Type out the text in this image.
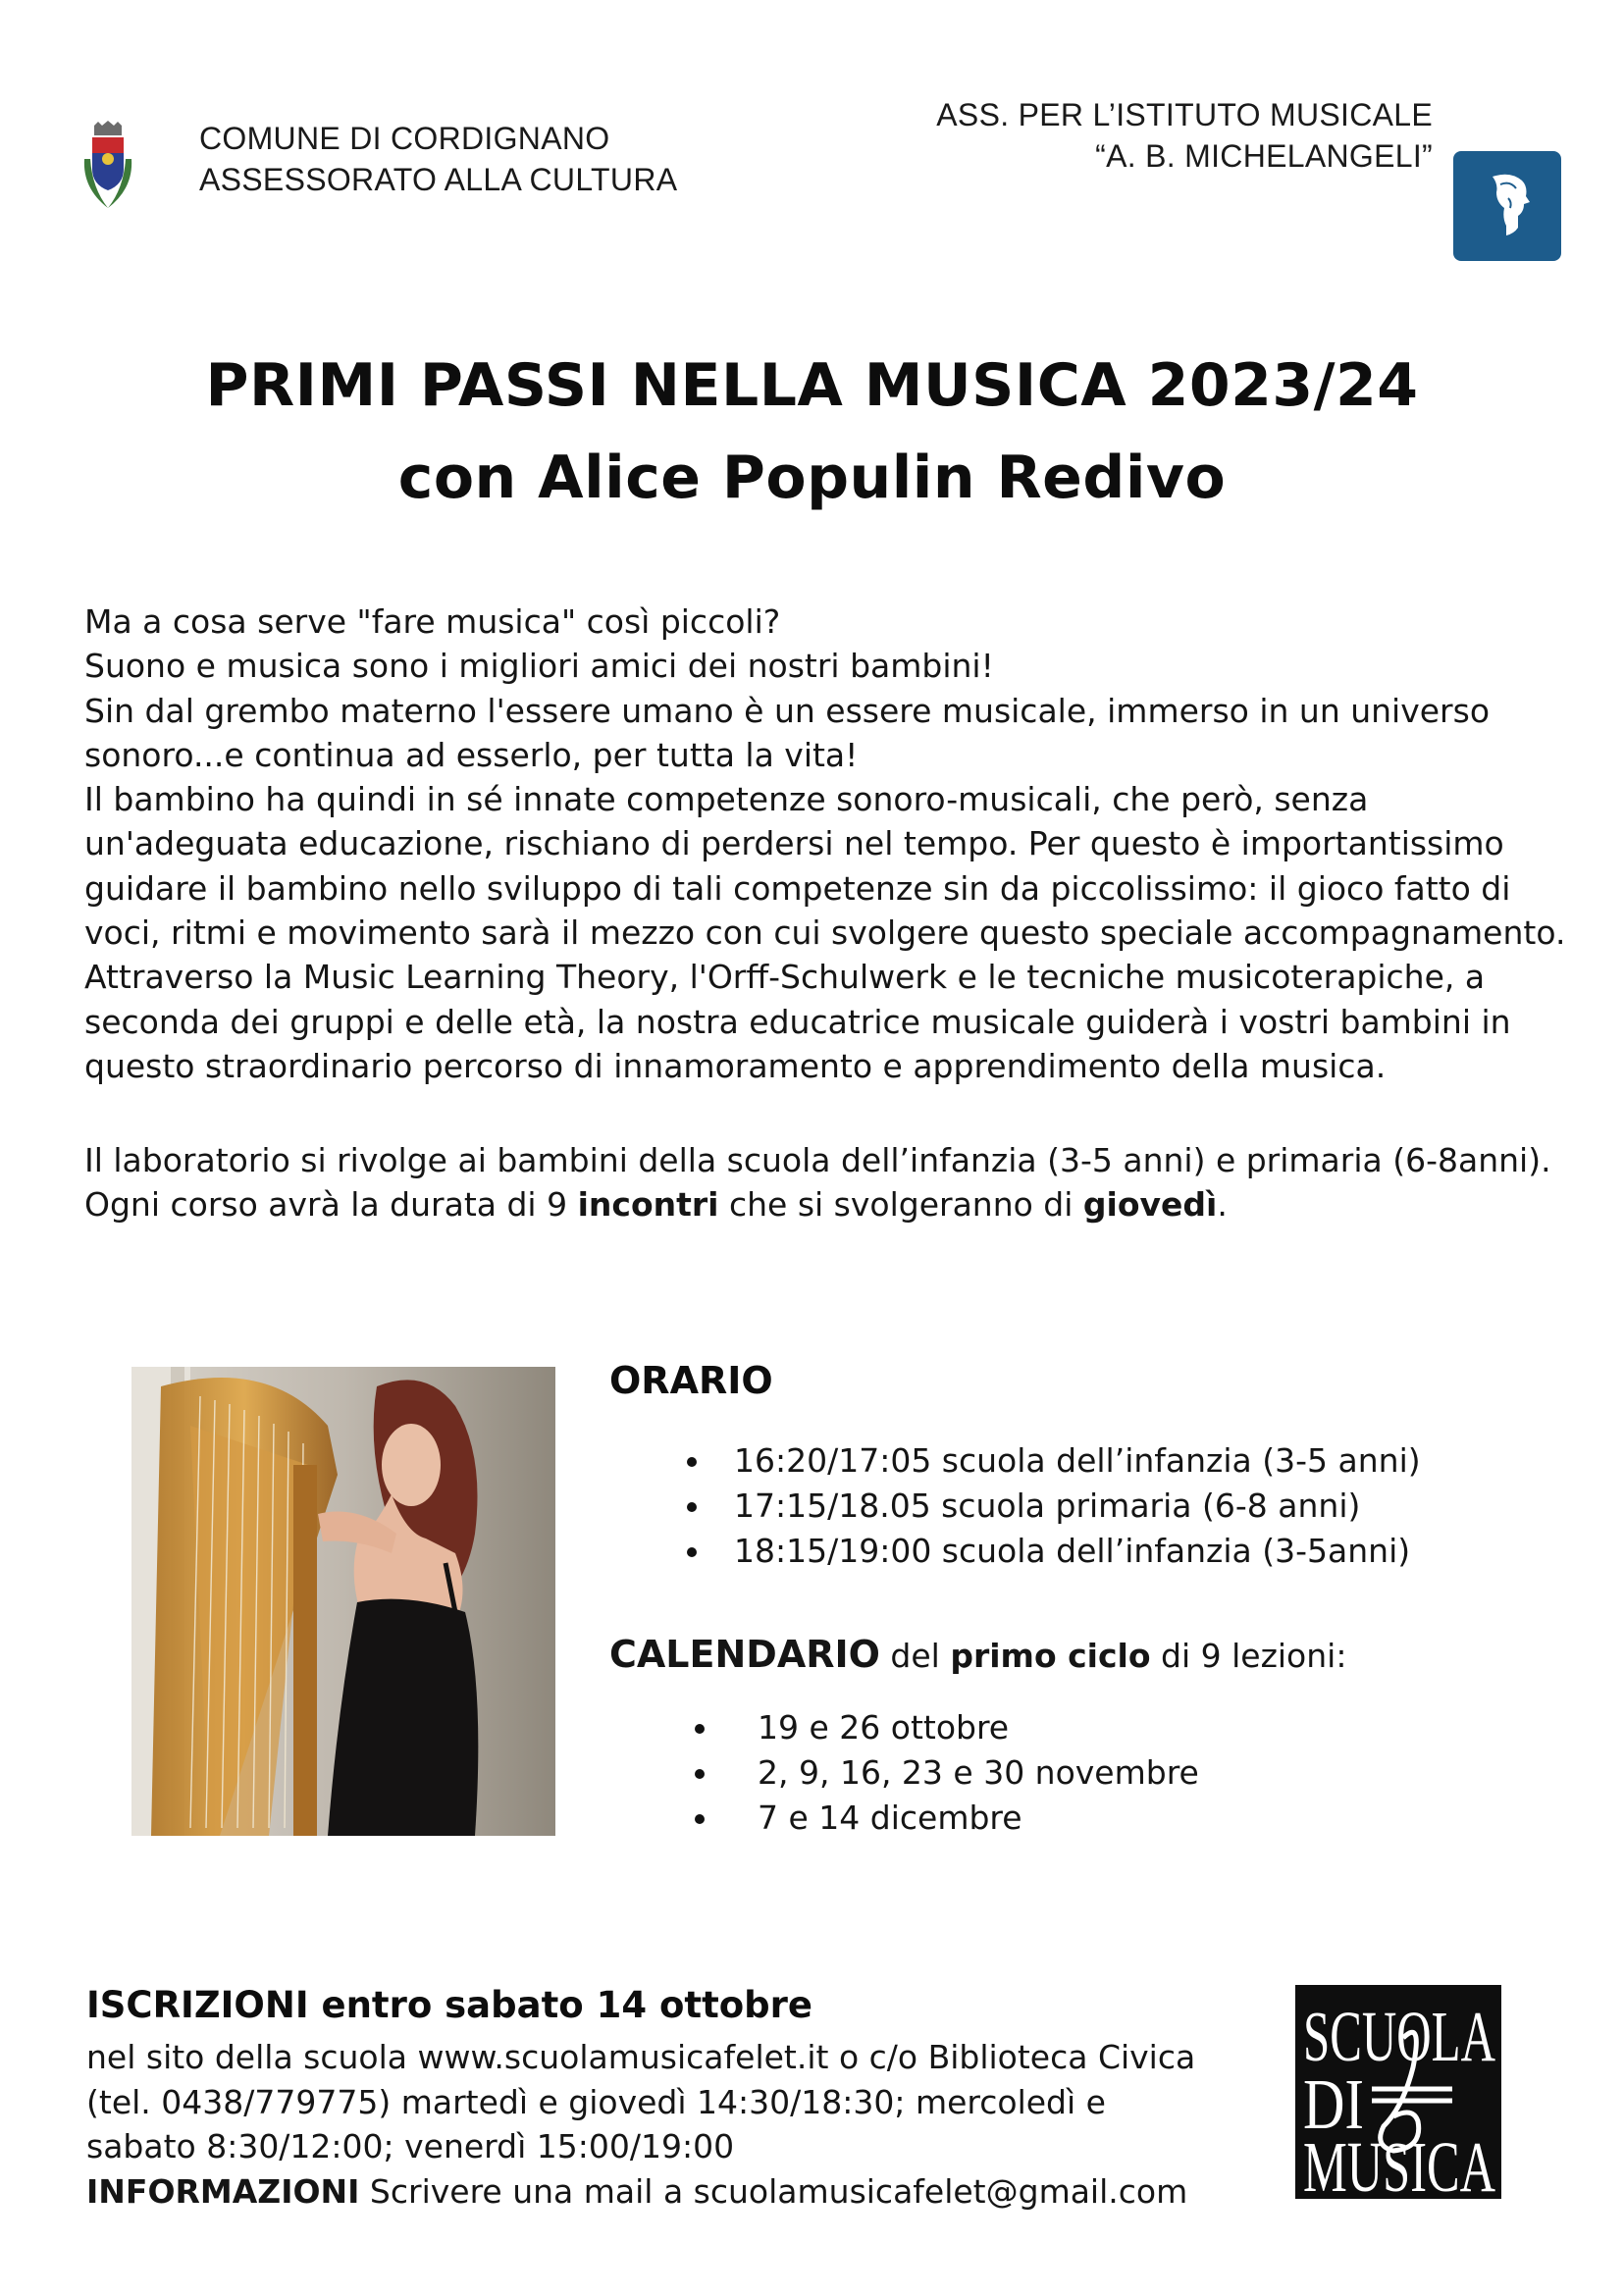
COMUNE DI CORDIGNANO
ASSESSORATO ALLA CULTURA
ASS. PER L’ISTITUTO MUSICALE
“A. B. MICHELANGELI”
PRIMI PASSI NELLA MUSICA 2023/24
con Alice Populin Redivo
Ma a cosa serve "fare musica" così piccoli?
Suono e musica sono i migliori amici dei nostri bambini!
Sin dal grembo materno l'essere umano è un essere musicale, immerso in un universo
sonoro...e continua ad esserlo, per tutta la vita!
Il bambino ha quindi in sé innate competenze sonoro-musicali, che però, senza
un'adeguata educazione, rischiano di perdersi nel tempo. Per questo è importantissimo
guidare il bambino nello sviluppo di tali competenze sin da piccolissimo: il gioco fatto di
voci, ritmi e movimento sarà il mezzo con cui svolgere questo speciale accompagnamento.
Attraverso la Music Learning Theory, l'Orff-Schulwerk e le tecniche musicoterapiche, a
seconda dei gruppi e delle età, la nostra educatrice musicale guiderà i vostri bambini in
questo straordinario percorso di innamoramento e apprendimento della musica.
Il laboratorio si rivolge ai bambini della scuola dell’infanzia (3-5 anni) e primaria (6-8anni).
Ogni corso avrà la durata di 9 incontri che si svolgeranno di giovedì.
ORARIO
16:20/17:05 scuola dell’infanzia (3-5 anni)
17:15/18.05 scuola primaria (6-8 anni)
18:15/19:00 scuola dell’infanzia (3-5anni)
CALENDARIO del primo ciclo di 9 lezioni:
19 e 26 ottobre
2, 9, 16, 23 e 30 novembre
7 e 14 dicembre
ISCRIZIONI entro sabato 14 ottobre
nel sito della scuola www.scuolamusicafelet.it o c/o Biblioteca Civica
(tel. 0438/779775) martedì e giovedì 14:30/18:30; mercoledì e
sabato 8:30/12:00; venerdì 15:00/19:00
INFORMAZIONI Scrivere una mail a scuolamusicafelet@gmail.com
SCUOLA
DI
MUSICA
